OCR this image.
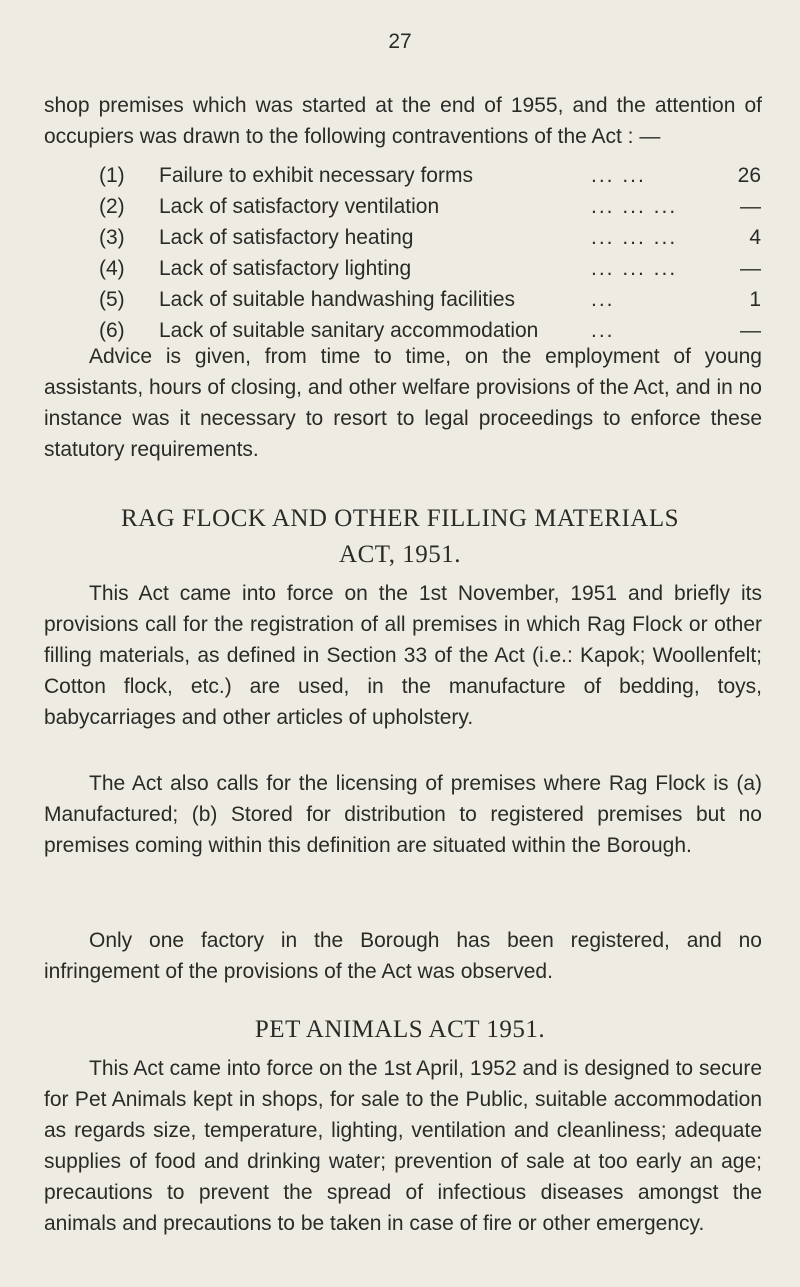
27

shop premises which was started at the end of 1955, and the attention of occupiers was drawn to the following contraventions of the Act : —

(1)	Failure to exhibit necessary forms	... ...	26
(2)	Lack of satisfactory ventilation	... ... ...	—
(3)	Lack of satisfactory heating	... ... ...	4
(4)	Lack of satisfactory lighting	... ... ...	—
(5)	Lack of suitable handwashing facilities	...	1
(6)	Lack of suitable sanitary accommodation	...	—

Advice is given, from time to time, on the employment of young assistants, hours of closing, and other welfare provisions of the Act, and in no instance was it necessary to resort to legal proceedings to enforce these statutory requirements.

RAG FLOCK AND OTHER FILLING MATERIALS
ACT, 1951.

This Act came into force on the 1st November, 1951 and briefly its provisions call for the registration of all premises in which Rag Flock or other filling materials, as defined in Section 33 of the Act (i.e.: Kapok; Woollenfelt; Cotton flock, etc.) are used, in the manufacture of bedding, toys, babycarriages and other articles of upholstery.

The Act also calls for the licensing of premises where Rag Flock is (a) Manufactured; (b) Stored for distribution to registered premises but no premises coming within this definition are situated within the Borough.

Only one factory in the Borough has been registered, and no infringement of the provisions of the Act was observed.

PET ANIMALS ACT 1951.

This Act came into force on the 1st April, 1952 and is designed to secure for Pet Animals kept in shops, for sale to the Public, suitable accommodation as regards size, temperature, lighting, ventilation and cleanliness; adequate supplies of food and drinking water; prevention of sale at too early an age; precautions to prevent the spread of infectious diseases amongst the animals and precautions to be taken in case of fire or other emergency.
